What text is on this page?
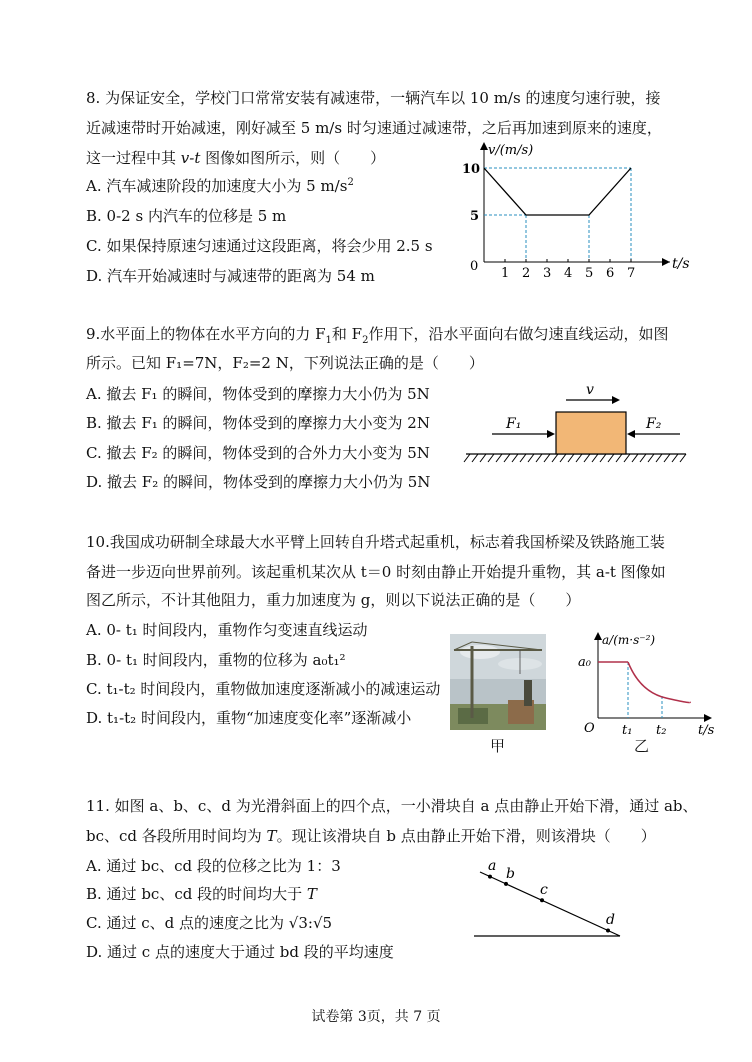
8. 为保证安全，学校门口常常安装有减速带，一辆汽车以 10 m/s 的速度匀速行驶，接
近减速带时开始减速，刚好减至 5 m/s 时匀速通过减速带，之后再加速到原来的速度，
这一过程中其 v-t 图像如图所示，则（　　）
A. 汽车减速阶段的加速度大小为 5 $m/s^2$
B. 0-2 s 内汽车的位移是 5 m
C. 如果保持原速匀速通过这段距离，将会少用 2.5 s
D. 汽车开始减速时与减速带的距离为 54 m	1 2 3 4 5 6 7
5
10
v/(m/s)
t/s
0
9.水平面上的物体在水平方向的力 $F_1$和 $F_2$作用下，沿水平面向右做匀速直线运动，如图
所示。已知 F₁=7N，F₂=2 N，下列说法正确的是（　　）
A. 撤去 F₁ 的瞬间，物体受到的摩擦力大小仍为 5N
B. 撤去 F₁ 的瞬间，物体受到的摩擦力大小变为 2N
C. 撤去 F₂ 的瞬间，物体受到的合外力大小变为 5N
D. 撤去 F₂ 的瞬间，物体受到的摩擦力大小仍为 5N
v
F₁	F₂
10.我国成功研制全球最大水平臂上回转自升塔式起重机，标志着我国桥梁及铁路施工装
备进一步迈向世界前列。该起重机某次从 t＝0 时刻由静止开始提升重物，其 a-t 图像如
图乙所示，不计其他阻力，重力加速度为 g，则以下说法正确的是（　　）
A. 0- t₁ 时间段内，重物作匀变速直线运动
B. 0- t₁ 时间段内，重物的位移为 a₀t₁²
C. t₁-t₂ 时间段内，重物做加速度逐渐减小的减速运动
D. t₁-t₂ 时间段内，重物“加速度变化率”逐渐减小
甲
a/(m·s⁻²)
a₀
O t₁ t₂ t/s
乙
11. 如图 a、b、c、d 为光滑斜面上的四个点，一小滑块自 a 点由静止开始下滑，通过 ab、
bc、cd 各段所用时间均为 T。现让该滑块自 b 点由静止开始下滑，则该滑块（　　）
A. 通过 bc、cd 段的位移之比为 1：3
B. 通过 bc、cd 段的时间均大于 T
C. 通过 c、d 点的速度之比为 √3:√5
D. 通过 c 点的速度大于通过 bd 段的平均速度
a b
c
d
试卷第 3页，共 7 页
